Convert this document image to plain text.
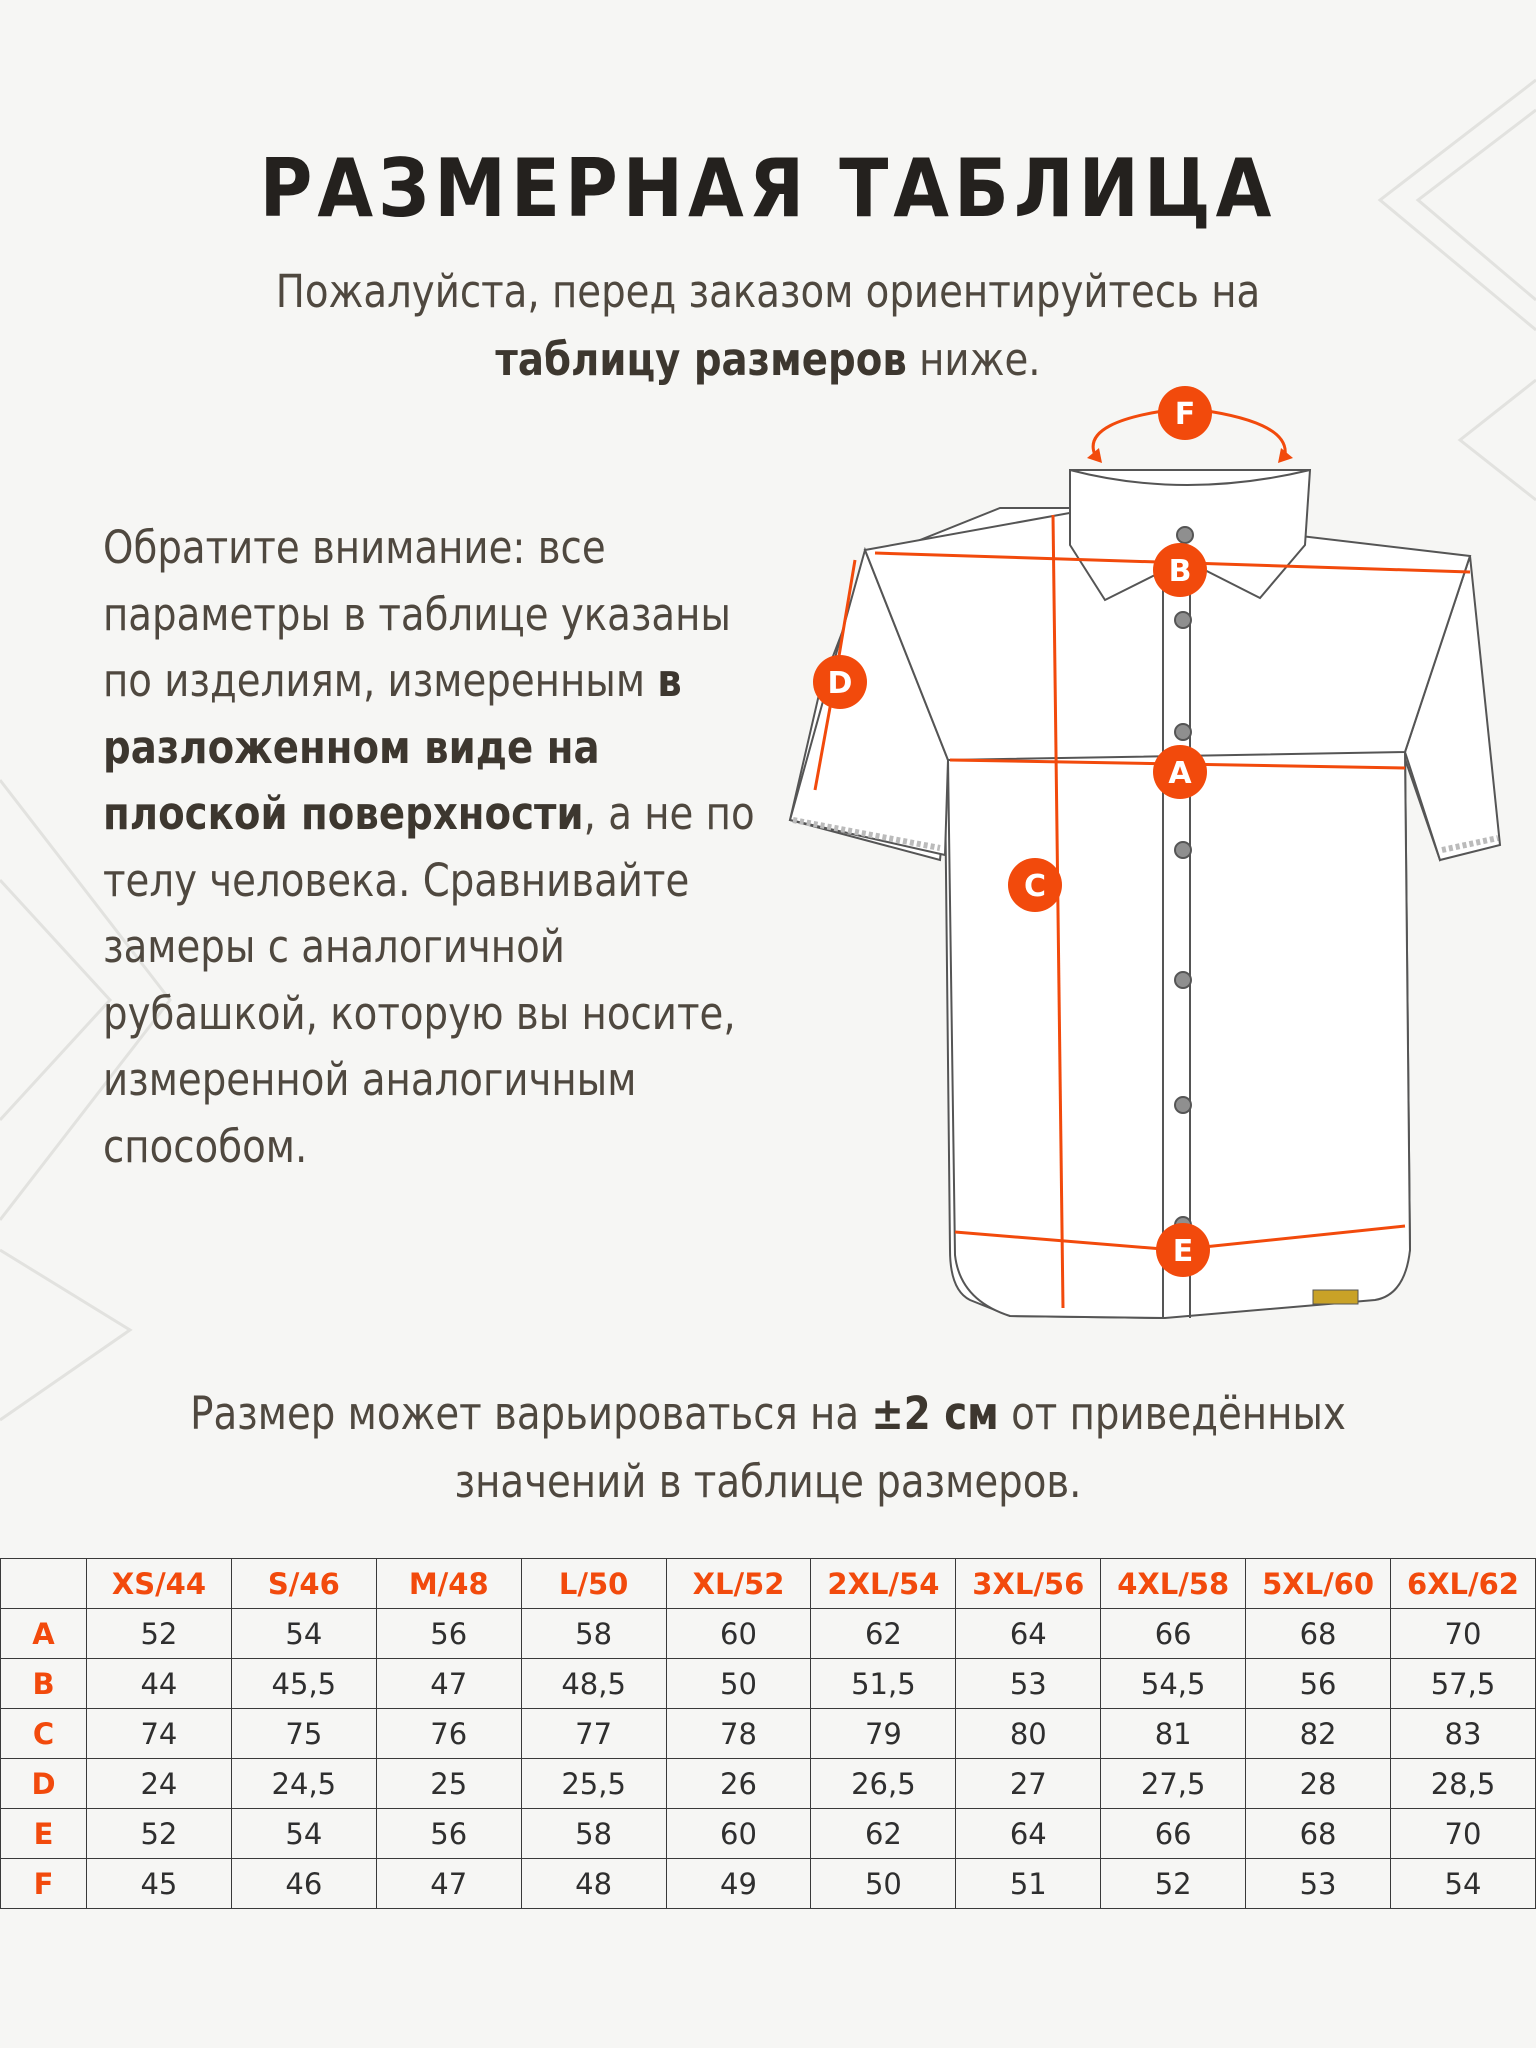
РАЗМЕРНАЯ ТАБЛИЦА
Пожалуйста, перед заказом ориентируйтесь на таблицу размеров ниже.
Обратите внимание: все параметры в таблице указаны по изделиям, измеренным в разложенном виде на плоской поверхности, а не по телу человека. Сравнивайте замеры с аналогичной рубашкой, которую вы носите, измеренной аналогичным способом.
F
B
D
A
C
E
Размер может варьироваться на ±2 см от приведённых значений в таблице размеров.
	XS/44	S/46	M/48	L/50	XL/52	2XL/54	3XL/56	4XL/58	5XL/60	6XL/62
A	52	54	56	58	60	62	64	66	68	70
B	44	45,5	47	48,5	50	51,5	53	54,5	56	57,5
C	74	75	76	77	78	79	80	81	82	83
D	24	24,5	25	25,5	26	26,5	27	27,5	28	28,5
E	52	54	56	58	60	62	64	66	68	70
F	45	46	47	48	49	50	51	52	53	54
